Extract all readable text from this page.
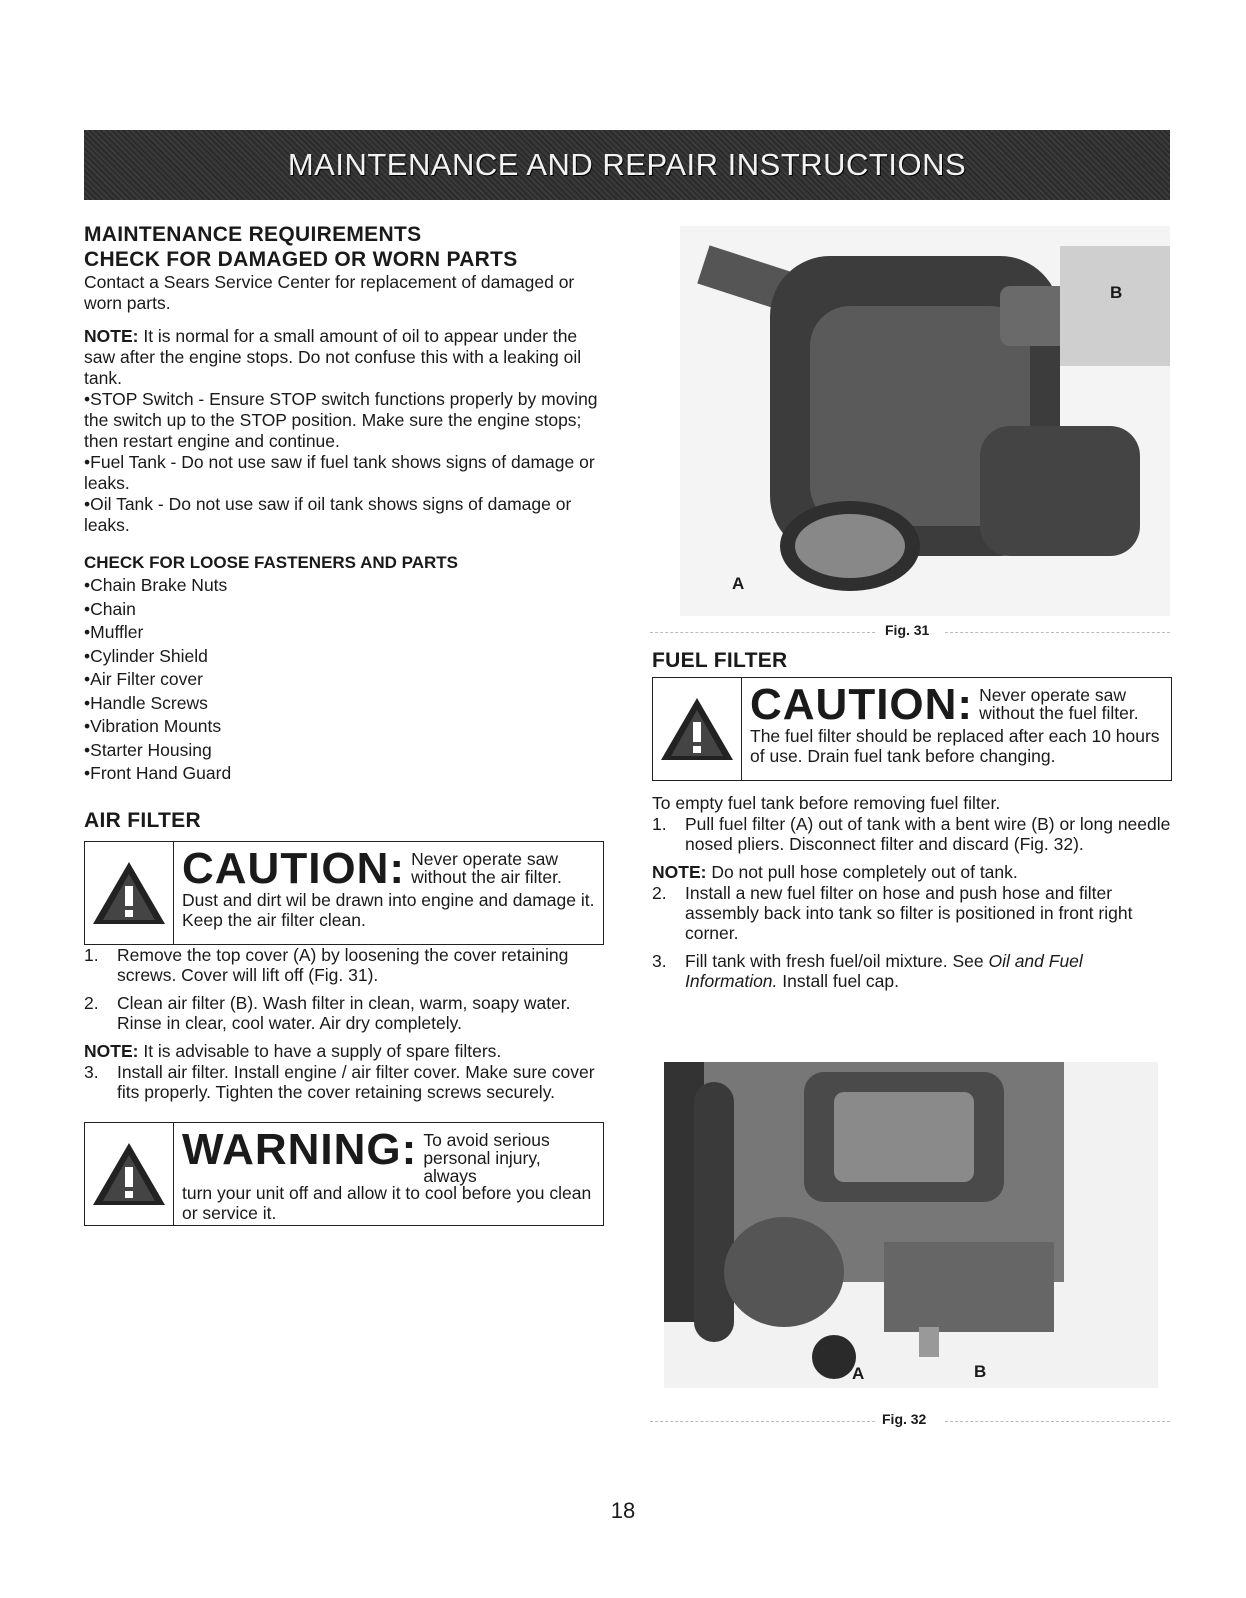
MAINTENANCE AND REPAIR INSTRUCTIONS
MAINTENANCE REQUIREMENTS
CHECK FOR DAMAGED OR WORN PARTS

Contact a Sears Service Center for replacement of damaged or worn parts.

NOTE: It is normal for a small amount of oil to appear under the saw after the engine stops. Do not confuse this with a leaking oil tank.

• STOP Switch - Ensure STOP switch functions properly by moving the switch up to the STOP position. Make sure the engine stops; then restart engine and continue.
• Fuel Tank - Do not use saw if fuel tank shows signs of damage or leaks.
• Oil Tank - Do not use saw if oil tank shows signs of damage or leaks.
CHECK FOR LOOSE FASTENERS AND PARTS
• Chain Brake Nuts
• Chain
• Muffler
• Cylinder Shield
• Air Filter cover
• Handle Screws
• Vibration Mounts
• Starter Housing
• Front Hand Guard
AIR FILTER
CAUTION: Never operate saw without the air filter.
Dust and dirt wil be drawn into engine and damage it. Keep the air filter clean.
1.	Remove the top cover (A) by loosening the cover retaining screws. Cover will lift off (Fig. 31).
2.	Clean air filter (B). Wash filter in clean, warm, soapy water. Rinse in clear, cool water. Air dry completely.

NOTE: It is advisable to have a supply of spare filters.

3.	Install air filter. Install engine / air filter cover. Make sure cover fits properly. Tighten the cover retaining screws securely.
WARNING: To avoid serious personal injury, always
turn your unit off and allow it to cool before you clean or service it.
B
A
Fig. 31
FUEL FILTER
CAUTION: Never operate saw without the fuel filter.
The fuel filter should be replaced after each 10 hours of use. Drain fuel tank before changing.

To empty fuel tank before removing fuel filter.

1.	Pull fuel filter (A) out of tank with a bent wire (B) or long needle nosed pliers. Disconnect filter and discard (Fig. 32).

NOTE: Do not pull hose completely out of tank.

2.	Install a new fuel filter on hose and push hose and filter assembly back into tank so filter is positioned in front right corner.
3.	Fill tank with fresh fuel/oil mixture. See Oil and Fuel Information. Install fuel cap.
A	B
Fig. 32
18
